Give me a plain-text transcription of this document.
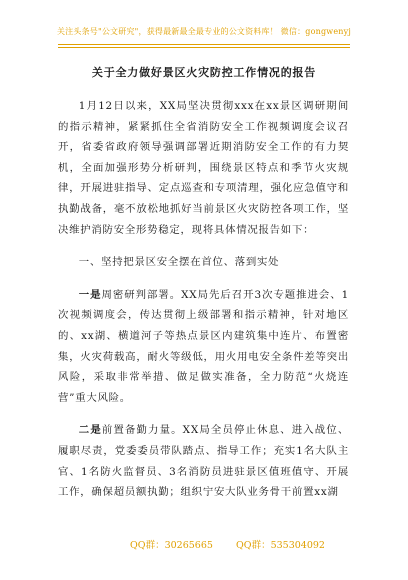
关注头条号"公文研究"，获得最新最全最专业的公文资料库！ 微信：gongwenyj
关于全力做好景区火灾防控工作情况的报告

1月12日以来，XX局坚决贯彻xxx在xx景区调研期间的指示精神，紧紧抓住全省消防安全工作视频调度会议召开，省委省政府领导强调部署近期消防安全工作的有力契机，全面加强形势分析研判，围绕景区特点和季节火灾规律，开展进驻指导、定点巡查和专项清理，强化应急值守和执勤战备，毫不放松地抓好当前景区火灾防控各项工作，坚决维护消防安全形势稳定，现将具体情况报告如下：

一、坚持把景区安全摆在首位、落到实处

一是周密研判部署。XX局先后召开3次专题推进会、1次视频调度会，传达贯彻上级部署和指示精神，针对地区的、xx湖、横道河子等热点景区内建筑集中连片、布置密集，火灾荷载高，耐火等级低，用火用电安全条件差等突出风险，采取非常举措、做足做实准备，全力防范“火烧连营”重大风险。

二是前置备勤力量。XX局全员停止休息、进入战位、履职尽责，党委委员带队踏点、指导工作；充实1名大队主官、1名防火监督员、3名消防员进驻景区值班值守、开展工作，确保超员额执勤；组织宁安大队业务骨干前置xx湖

QQ群：30265665 QQ群：535304092
